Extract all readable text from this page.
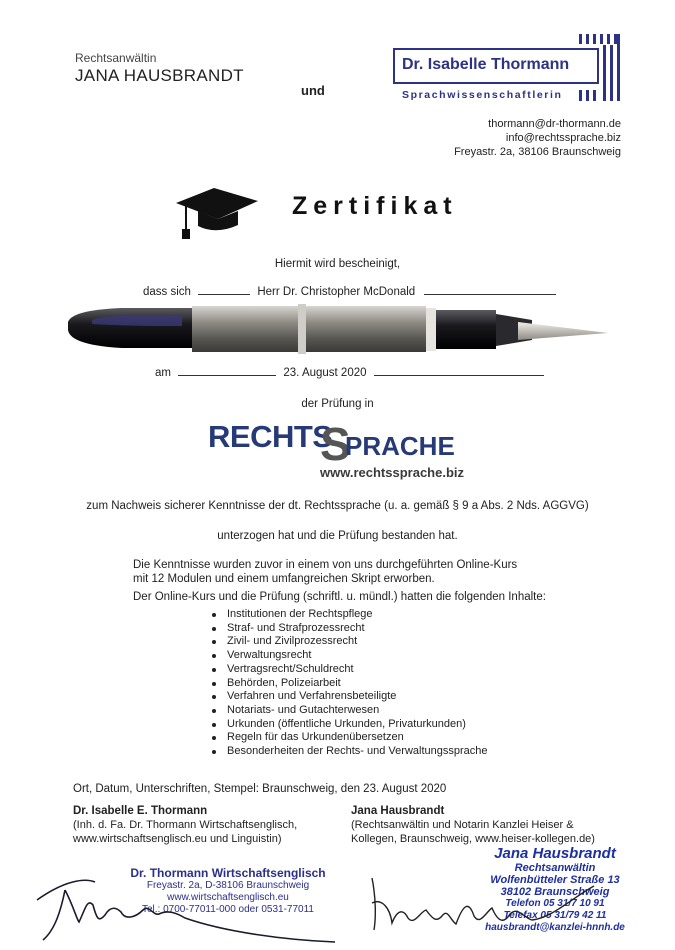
Rechtsanwältin
JANA HAUSBRANDT
und
Dr. Isabelle Thormann
Sprachwissenschaftlerin
thormann@dr-thormann.de
info@rechtssprache.biz
Freyastr. 2a, 38106 Braunschweig
Zertifikat
Hiermit wird bescheinigt,
dass sich	Herr Dr. Christopher McDonald
am	23. August 2020
der Prüfung in
RECHTS
S
PRACHE
www.rechtssprache.biz
zum Nachweis sicherer Kenntnisse der dt. Rechtssprache (u. a. gemäß § 9 a Abs. 2 Nds. AGGVG)
unterzogen hat und die Prüfung bestanden hat.
Die Kenntnisse wurden zuvor in einem von uns durchgeführten Online-Kurs
mit 12 Modulen und einem umfangreichen Skript erworben.
Der Online-Kurs und die Prüfung (schriftl. u. mündl.) hatten die folgenden Inhalte:
Institutionen der Rechtspflege
Straf- und Strafprozessrecht
Zivil- und Zivilprozessrecht
Verwaltungsrecht
Vertragsrecht/Schuldrecht
Behörden, Polizeiarbeit
Verfahren und Verfahrensbeteiligte
Notariats- und Gutachterwesen
Urkunden (öffentliche Urkunden, Privaturkunden)
Regeln für das Urkundenübersetzen
Besonderheiten der Rechts- und Verwaltungssprache
Ort, Datum, Unterschriften, Stempel: Braunschweig, den 23. August 2020
Dr. Isabelle E. Thormann
(Inh. d. Fa. Dr. Thormann Wirtschaftsenglisch,
www.wirtschaftsenglisch.eu und Linguistin)
Jana Hausbrandt
(Rechtsanwältin und Notarin Kanzlei Heiser &
Kollegen, Braunschweig, www.heiser-kollegen.de)
Dr. Thormann Wirtschaftsenglisch
Freyastr. 2a, D-38106 Braunschweig
www.wirtschaftsenglisch.eu
Tel.: 0700-77011-000 oder 0531-77011
Jana Hausbrandt
Rechtsanwältin
Wolfenbütteler Straße 13
38102 Braunschweig
Telefon 05 31/7 10 91
Telefax 05 31/79 42 11
hausbrandt@kanzlei-hnnh.de
